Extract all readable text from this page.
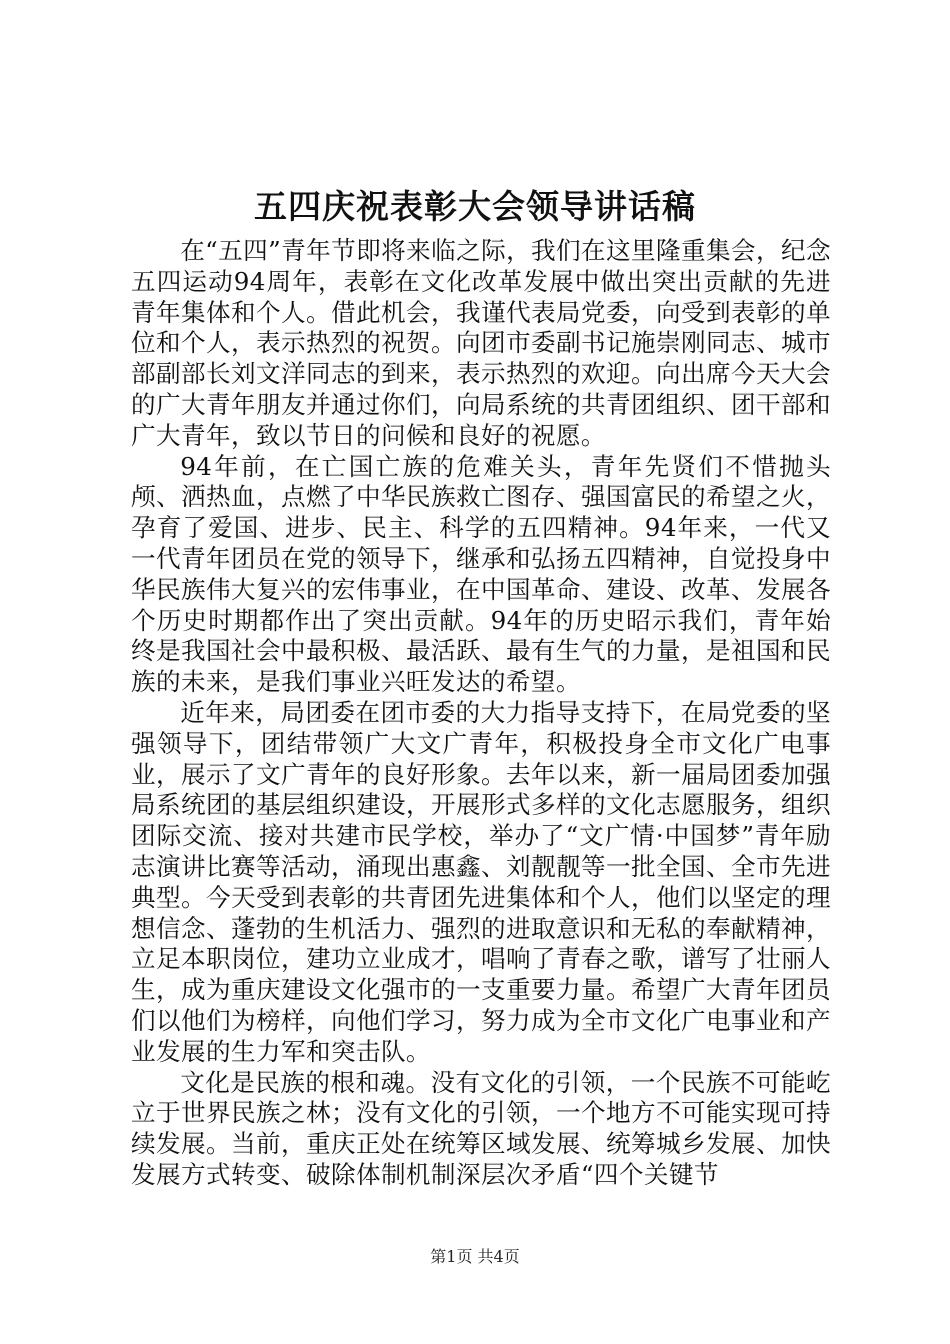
五四庆祝表彰大会领导讲话稿

在“五四”青年节即将来临之际，我们在这里隆重集会，纪念五四运动94周年，表彰在文化改革发展中做出突出贡献的先进青年集体和个人。借此机会，我谨代表局党委，向受到表彰的单位和个人，表示热烈的祝贺。向团市委副书记施崇刚同志、城市部副部长刘文洋同志的到来，表示热烈的欢迎。向出席今天大会的广大青年朋友并通过你们，向局系统的共青团组织、团干部和广大青年，致以节日的问候和良好的祝愿。

94年前，在亡国亡族的危难关头，青年先贤们不惜抛头颅、洒热血，点燃了中华民族救亡图存、强国富民的希望之火，孕育了爱国、进步、民主、科学的五四精神。94年来，一代又一代青年团员在党的领导下，继承和弘扬五四精神，自觉投身中华民族伟大复兴的宏伟事业，在中国革命、建设、改革、发展各个历史时期都作出了突出贡献。94年的历史昭示我们，青年始终是我国社会中最积极、最活跃、最有生气的力量，是祖国和民族的未来，是我们事业兴旺发达的希望。

近年来，局团委在团市委的大力指导支持下，在局党委的坚强领导下，团结带领广大文广青年，积极投身全市文化广电事业，展示了文广青年的良好形象。去年以来，新一届局团委加强局系统团的基层组织建设，开展形式多样的文化志愿服务，组织团际交流、接对共建市民学校，举办了“文广情·中国梦”青年励志演讲比赛等活动，涌现出惠鑫、刘靓靓等一批全国、全市先进典型。今天受到表彰的共青团先进集体和个人，他们以坚定的理想信念、蓬勃的生机活力、强烈的进取意识和无私的奉献精神，立足本职岗位，建功立业成才，唱响了青春之歌，谱写了壮丽人生，成为重庆建设文化强市的一支重要力量。希望广大青年团员们以他们为榜样，向他们学习，努力成为全市文化广电事业和产业发展的生力军和突击队。

文化是民族的根和魂。没有文化的引领，一个民族不可能屹立于世界民族之林；没有文化的引领，一个地方不可能实现可持续发展。当前，重庆正处在统筹区域发展、统筹城乡发展、加快发展方式转变、破除体制机制深层次矛盾“四个关键节

第1页 共4页
